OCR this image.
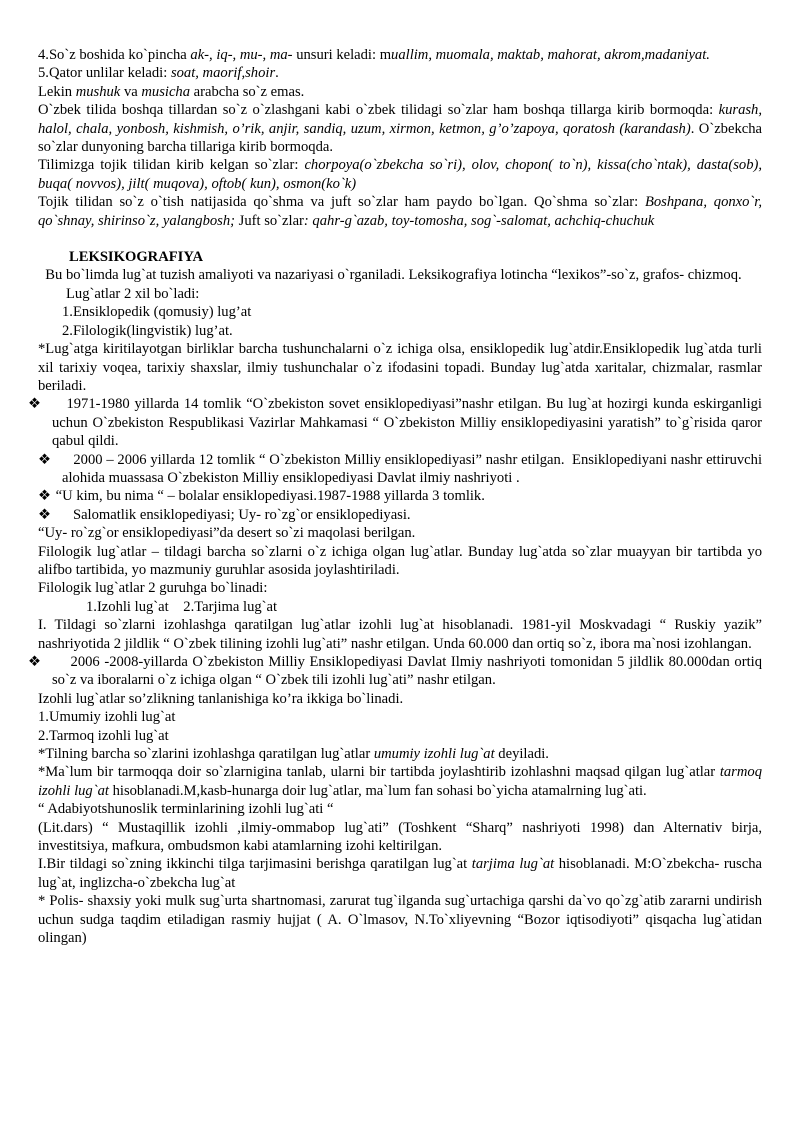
4.So`z boshida ko`pincha ak-, iq-, mu-, ma- unsuri keladi: muallim, muomala, maktab, mahorat, akrom,madaniyat.

5.Qator unlilar keladi: soat, maorif,shoir.

Lekin mushuk va musicha arabcha so`z emas.

O`zbek tilida boshqa tillardan so`z o`zlashgani kabi o`zbek tilidagi so`zlar ham boshqa tillarga kirib bormoqda: kurash, halol, chala, yonbosh, kishmish, o’rik, anjir, sandiq, uzum, xirmon, ketmon, g’o’zapoya, qoratosh (karandash). O`zbekcha so`zlar dunyoning barcha tillariga kirib bormoqda.

Tilimizga tojik tilidan kirib kelgan so`zlar: chorpoya(o`zbekcha so`ri), olov, chopon( to`n), kissa(cho`ntak), dasta(sob), buqa( novvos), jilt( muqova), oftob( kun), osmon(ko`k)

Tojik tilidan so`z o`tish natijasida qo`shma va juft so`zlar ham paydo bo`lgan. Qo`shma so`zlar: Boshpana, qonxo`r, qo`shnay, shirinso`z, yalangbosh; Juft so`zlar: qahr-g`azab, toy-tomosha, sog`-salomat, achchiq-chuchuk

LEKSIKOGRAFIYA

Bu bo`limda lug`at tuzish amaliyoti va nazariyasi o`rganiladi. Leksikografiya lotincha “lexikos”-so`z, grafos- chizmoq.

Lug`atlar 2 xil bo`ladi:

1.Ensiklopedik (qomusiy) lug’at

2.Filologik(lingvistik) lug’at.

*Lug`atga kiritilayotgan birliklar barcha tushunchalarni o`z ichiga olsa, ensiklopedik lug`atdir.Ensiklopedik lug`atda turli xil tarixiy voqea, tarixiy shaxslar, ilmiy tushunchalar o`z ifodasini topadi. Bunday lug`atda xaritalar, chizmalar, rasmlar beriladi.

❖ 1971-1980 yillarda 14 tomlik “O`zbekiston sovet ensiklopediyasi”nashr etilgan. Bu lug`at hozirgi kunda eskirganligi uchun O`zbekiston Respublikasi Vazirlar Mahkamasi “ O`zbekiston Milliy ensiklopediyasini yaratish” to`g`risida qaror qabul qildi.

❖ 2000 – 2006 yillarda 12 tomlik “ O`zbekiston Milliy ensiklopediyasi” nashr etilgan.  Ensiklopediyani nashr ettiruvchi alohida muassasa O`zbekiston Milliy ensiklopediyasi Davlat ilmiy nashriyoti .

❖ “U kim, bu nima “ – bolalar ensiklopediyasi.1987-1988 yillarda 3 tomlik.

❖ Salomatlik ensiklopediyasi; Uy- ro`zg`or ensiklopediyasi.

“Uy- ro`zg`or ensiklopediyasi”da desert so`zi maqolasi berilgan.

Filologik lug`atlar – tildagi barcha so`zlarni o`z ichiga olgan lug`atlar. Bunday lug`atda so`zlar muayyan bir tartibda yo alifbo tartibida, yo mazmuniy guruhlar asosida joylashtiriladi.

Filologik lug`atlar 2 guruhga bo`linadi:

1.Izohli lug`at    2.Tarjima lug`at

I. Tildagi so`zlarni izohlashga qaratilgan lug`atlar izohli lug`at hisoblanadi. 1981-yil Moskvadagi “ Ruskiy yazik” nashriyotida 2 jildlik “ O`zbek tilining izohli lug`ati” nashr etilgan. Unda 60.000 dan ortiq so`z, ibora ma`nosi izohlangan.

❖ 2006 -2008-yillarda O`zbekiston Milliy Ensiklopediyasi Davlat Ilmiy nashriyoti tomonidan 5 jildlik 80.000dan ortiq so`z va iboralarni o`z ichiga olgan “ O`zbek tili izohli lug`ati” nashr etilgan.

Izohli lug`atlar so’zlikning tanlanishiga ko’ra ikkiga bo`linadi.

1.Umumiy izohli lug`at

2.Tarmoq izohli lug`at

*Tilning barcha so`zlarini izohlashga qaratilgan lug`atlar umumiy izohli lug`at deyiladi.

*Ma`lum bir tarmoqqa doir so`zlarnigina tanlab, ularni bir tartibda joylashtirib izohlashni maqsad qilgan lug`atlar tarmoq izohli lug`at hisoblanadi.M,kasb-hunarga doir lug`atlar, ma`lum fan sohasi bo`yicha atamalrning lug`ati.

“ Adabiyotshunoslik terminlarining izohli lug`ati “

(Lit.dars) “ Mustaqillik izohli ,ilmiy-ommabop lug`ati” (Toshkent “Sharq” nashriyoti 1998) dan Alternativ birja, investitsiya, mafkura, ombudsmon kabi atamlarning izohi keltirilgan.

I.Bir tildagi so`zning ikkinchi tilga tarjimasini berishga qaratilgan lug`at tarjima lug`at hisoblanadi. M:O`zbekcha- ruscha lug`at, inglizcha-o`zbekcha lug`at

* Polis- shaxsiy yoki mulk sug`urta shartnomasi, zarurat tug`ilganda sug`urtachiga qarshi da`vo qo`zg`atib zararni undirish uchun sudga taqdim etiladigan rasmiy hujjat ( A. O`lmasov, N.To`xliyevning “Bozor iqtisodiyoti” qisqacha lug`atidan olingan)
